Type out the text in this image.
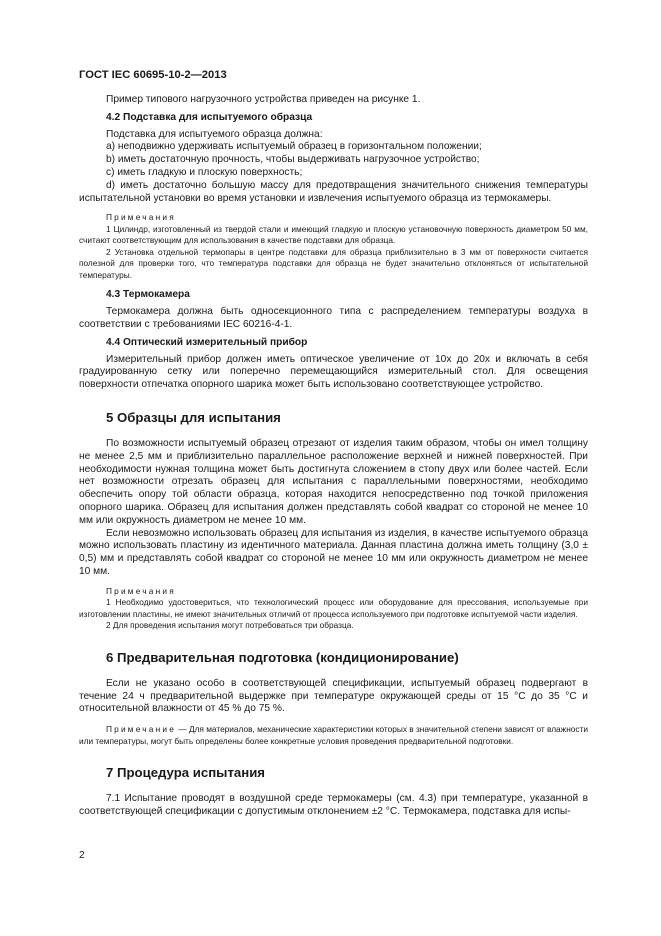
ГОСТ IEC 60695-10-2—2013

Пример типового нагрузочного устройства приведен на рисунке 1.

4.2 Подставка для испытуемого образца

Подставка для испытуемого образца должна:

а) неподвижно удерживать испытуемый образец в горизонтальном положении;

b) иметь достаточную прочность, чтобы выдерживать нагрузочное устройство;

с) иметь гладкую и плоскую поверхность;

d) иметь достаточно большую массу для предотвращения значительного снижения температуры испытательной установки во время установки и извлечения испытуемого образца из термокамеры.

Примечания

1 Цилиндр, изготовленный из твердой стали и имеющий гладкую и плоскую установочную поверхность диаметром 50 мм, считают соответствующим для использования в качестве подставки для образца.

2 Установка отдельной термопары в центре подставки для образца приблизительно в 3 мм от поверхности считается полезной для проверки того, что температура подставки для образца не будет значительно отклоняться от испытательной температуры.

4.3 Термокамера

Термокамера должна быть односекционного типа с распределением температуры воздуха в соответствии с требованиями IEC 60216-4-1.

4.4 Оптический измерительный прибор

Измерительный прибор должен иметь оптическое увеличение от 10x до 20x и включать в себя градуированную сетку или поперечно перемещающийся измерительный стол. Для освещения поверхности отпечатка опорного шарика может быть использовано соответствующее устройство.

5 Образцы для испытания

По возможности испытуемый образец отрезают от изделия таким образом, чтобы он имел толщину не менее 2,5 мм и приблизительно параллельное расположение верхней и нижней поверхностей. При необходимости нужная толщина может быть достигнута сложением в стопу двух или более частей. Если нет возможности отрезать образец для испытания с параллельными поверхностями, необходимо обеспечить опору той области образца, которая находится непосредственно под точкой приложения опорного шарика. Образец для испытания должен представлять собой квадрат со стороной не менее 10 мм или окружность диаметром не менее 10 мм.

Если невозможно использовать образец для испытания из изделия, в качестве испытуемого образца можно использовать пластину из идентичного материала. Данная пластина должна иметь толщину (3,0 ± 0,5) мм и представлять собой квадрат со стороной не менее 10 мм или окружность диаметром не менее 10 мм.

Примечания

1 Необходимо удостовериться, что технологический процесс или оборудование для прессования, используемые при изготовлении пластины, не имеют значительных отличий от процесса используемого при подготовке испытуемой части изделия.

2 Для проведения испытания могут потребоваться три образца.

6 Предварительная подготовка (кондиционирование)

Если не указано особо в соответствующей спецификации, испытуемый образец подвергают в течение 24 ч предварительной выдержке при температуре окружающей среды от 15 °С до 35 °С и относительной влажности от 45 % до 75 %.

Примечание — Для материалов, механические характеристики которых в значительной степени зависят от влажности или температуры, могут быть определены более конкретные условия проведения предварительной подготовки.

7 Процедура испытания

7.1 Испытание проводят в воздушной среде термокамеры (см. 4.3) при температуре, указанной в соответствующей спецификации с допустимым отклонением ±2 °С. Термокамера, подставка для испы-

2
